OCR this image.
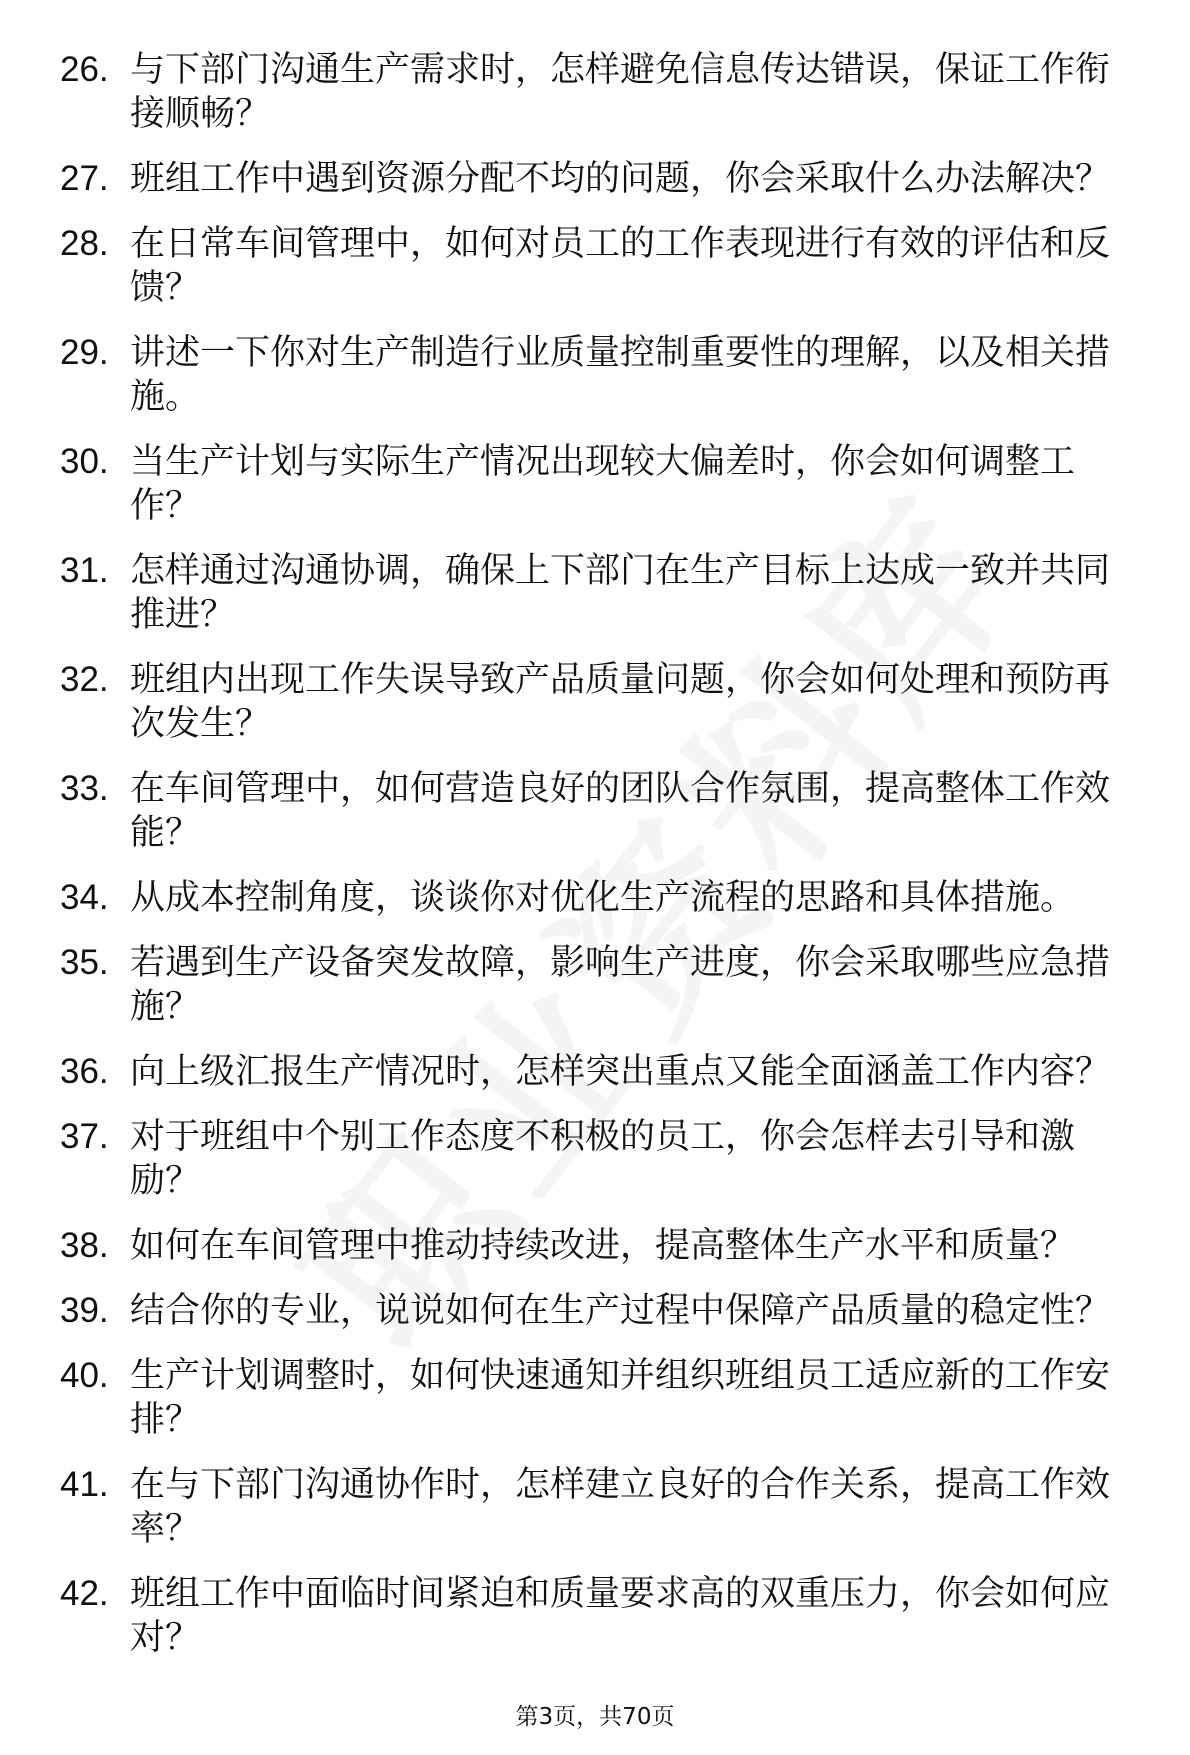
26. 与下部门沟通生产需求时，怎样避免信息传达错误，保证工作衔接顺畅？
27. 班组工作中遇到资源分配不均的问题，你会采取什么办法解决？
28. 在日常车间管理中，如何对员工的工作表现进行有效的评估和反馈？
29. 讲述一下你对生产制造行业质量控制重要性的理解，以及相关措施。
30. 当生产计划与实际生产情况出现较大偏差时，你会如何调整工作？
31. 怎样通过沟通协调，确保上下部门在生产目标上达成一致并共同推进？
32. 班组内出现工作失误导致产品质量问题，你会如何处理和预防再次发生？
33. 在车间管理中，如何营造良好的团队合作氛围，提高整体工作效能？
34. 从成本控制角度，谈谈你对优化生产流程的思路和具体措施。
35. 若遇到生产设备突发故障，影响生产进度，你会采取哪些应急措施？
36. 向上级汇报生产情况时，怎样突出重点又能全面涵盖工作内容？
37. 对于班组中个别工作态度不积极的员工，你会怎样去引导和激励？
38. 如何在车间管理中推动持续改进，提高整体生产水平和质量？
39. 结合你的专业，说说如何在生产过程中保障产品质量的稳定性？
40. 生产计划调整时，如何快速通知并组织班组员工适应新的工作安排？
41. 在与下部门沟通协作时，怎样建立良好的合作关系，提高工作效率？
42. 班组工作中面临时间紧迫和质量要求高的双重压力，你会如何应对？
第3页，共70页
